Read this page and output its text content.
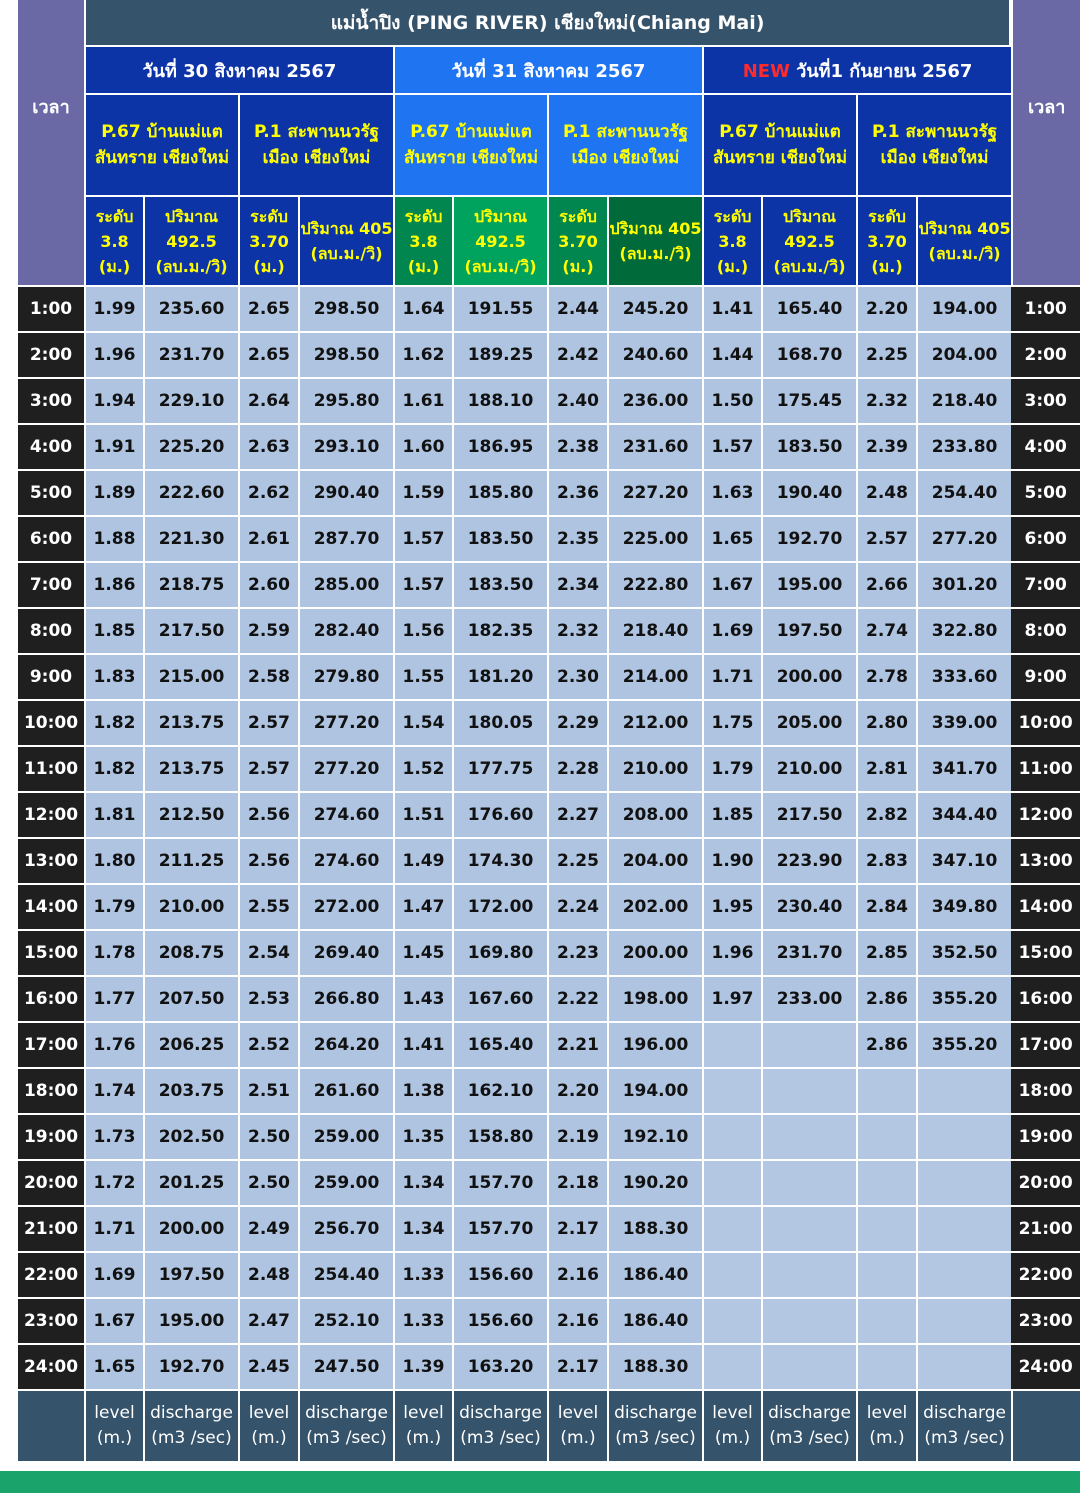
เวลา	แม่น้ำปิง (PING RIVER) เชียงใหม่(Chiang Mai)												เวลา
	วันที่ 30 สิงหาคม 2567				วันที่ 31 สิงหาคม 2567				NEW วันที่1 กันยายน 2567				
	P.67 บ้านแม่แต สันทราย เชียงใหม่		P.1 สะพานนวรัฐ เมือง เชียงใหม่		P.67 บ้านแม่แต สันทราย เชียงใหม่		P.1 สะพานนวรัฐ เมือง เชียงใหม่		P.67 บ้านแม่แต สันทราย เชียงใหม่		P.1 สะพานนวรัฐ เมือง เชียงใหม่		
	ระดับ 3.8 (ม.)	ปริมาณ 492.5 (ลบ.ม./วิ)	ระดับ 3.70 (ม.)	ปริมาณ 405 (ลบ.ม./วิ)	ระดับ 3.8 (ม.)	ปริมาณ 492.5 (ลบ.ม./วิ)	ระดับ 3.70 (ม.)	ปริมาณ 405 (ลบ.ม./วิ)	ระดับ 3.8 (ม.)	ปริมาณ 492.5 (ลบ.ม./วิ)	ระดับ 3.70 (ม.)	ปริมาณ 405 (ลบ.ม./วิ)	
1:00	1.99	235.60	2.65	298.50	1.64	191.55	2.44	245.20	1.41	165.40	2.20	194.00	1:00
2:00	1.96	231.70	2.65	298.50	1.62	189.25	2.42	240.60	1.44	168.70	2.25	204.00	2:00
3:00	1.94	229.10	2.64	295.80	1.61	188.10	2.40	236.00	1.50	175.45	2.32	218.40	3:00
4:00	1.91	225.20	2.63	293.10	1.60	186.95	2.38	231.60	1.57	183.50	2.39	233.80	4:00
5:00	1.89	222.60	2.62	290.40	1.59	185.80	2.36	227.20	1.63	190.40	2.48	254.40	5:00
6:00	1.88	221.30	2.61	287.70	1.57	183.50	2.35	225.00	1.65	192.70	2.57	277.20	6:00
7:00	1.86	218.75	2.60	285.00	1.57	183.50	2.34	222.80	1.67	195.00	2.66	301.20	7:00
8:00	1.85	217.50	2.59	282.40	1.56	182.35	2.32	218.40	1.69	197.50	2.74	322.80	8:00
9:00	1.83	215.00	2.58	279.80	1.55	181.20	2.30	214.00	1.71	200.00	2.78	333.60	9:00
10:00	1.82	213.75	2.57	277.20	1.54	180.05	2.29	212.00	1.75	205.00	2.80	339.00	10:00
11:00	1.82	213.75	2.57	277.20	1.52	177.75	2.28	210.00	1.79	210.00	2.81	341.70	11:00
12:00	1.81	212.50	2.56	274.60	1.51	176.60	2.27	208.00	1.85	217.50	2.82	344.40	12:00
13:00	1.80	211.25	2.56	274.60	1.49	174.30	2.25	204.00	1.90	223.90	2.83	347.10	13:00
14:00	1.79	210.00	2.55	272.00	1.47	172.00	2.24	202.00	1.95	230.40	2.84	349.80	14:00
15:00	1.78	208.75	2.54	269.40	1.45	169.80	2.23	200.00	1.96	231.70	2.85	352.50	15:00
16:00	1.77	207.50	2.53	266.80	1.43	167.60	2.22	198.00	1.97	233.00	2.86	355.20	16:00
17:00	1.76	206.25	2.52	264.20	1.41	165.40	2.21	196.00			2.86	355.20	17:00
18:00	1.74	203.75	2.51	261.60	1.38	162.10	2.20	194.00					18:00
19:00	1.73	202.50	2.50	259.00	1.35	158.80	2.19	192.10					19:00
20:00	1.72	201.25	2.50	259.00	1.34	157.70	2.18	190.20					20:00
21:00	1.71	200.00	2.49	256.70	1.34	157.70	2.17	188.30					21:00
22:00	1.69	197.50	2.48	254.40	1.33	156.60	2.16	186.40					22:00
23:00	1.67	195.00	2.47	252.10	1.33	156.60	2.16	186.40					23:00
24:00	1.65	192.70	2.45	247.50	1.39	163.20	2.17	188.30					24:00
	level (m.)	discharge (m3 /sec)	level (m.)	discharge (m3 /sec)	level (m.)	discharge (m3 /sec)	level (m.)	discharge (m3 /sec)	level (m.)	discharge (m3 /sec)	level (m.)	discharge (m3 /sec)	
